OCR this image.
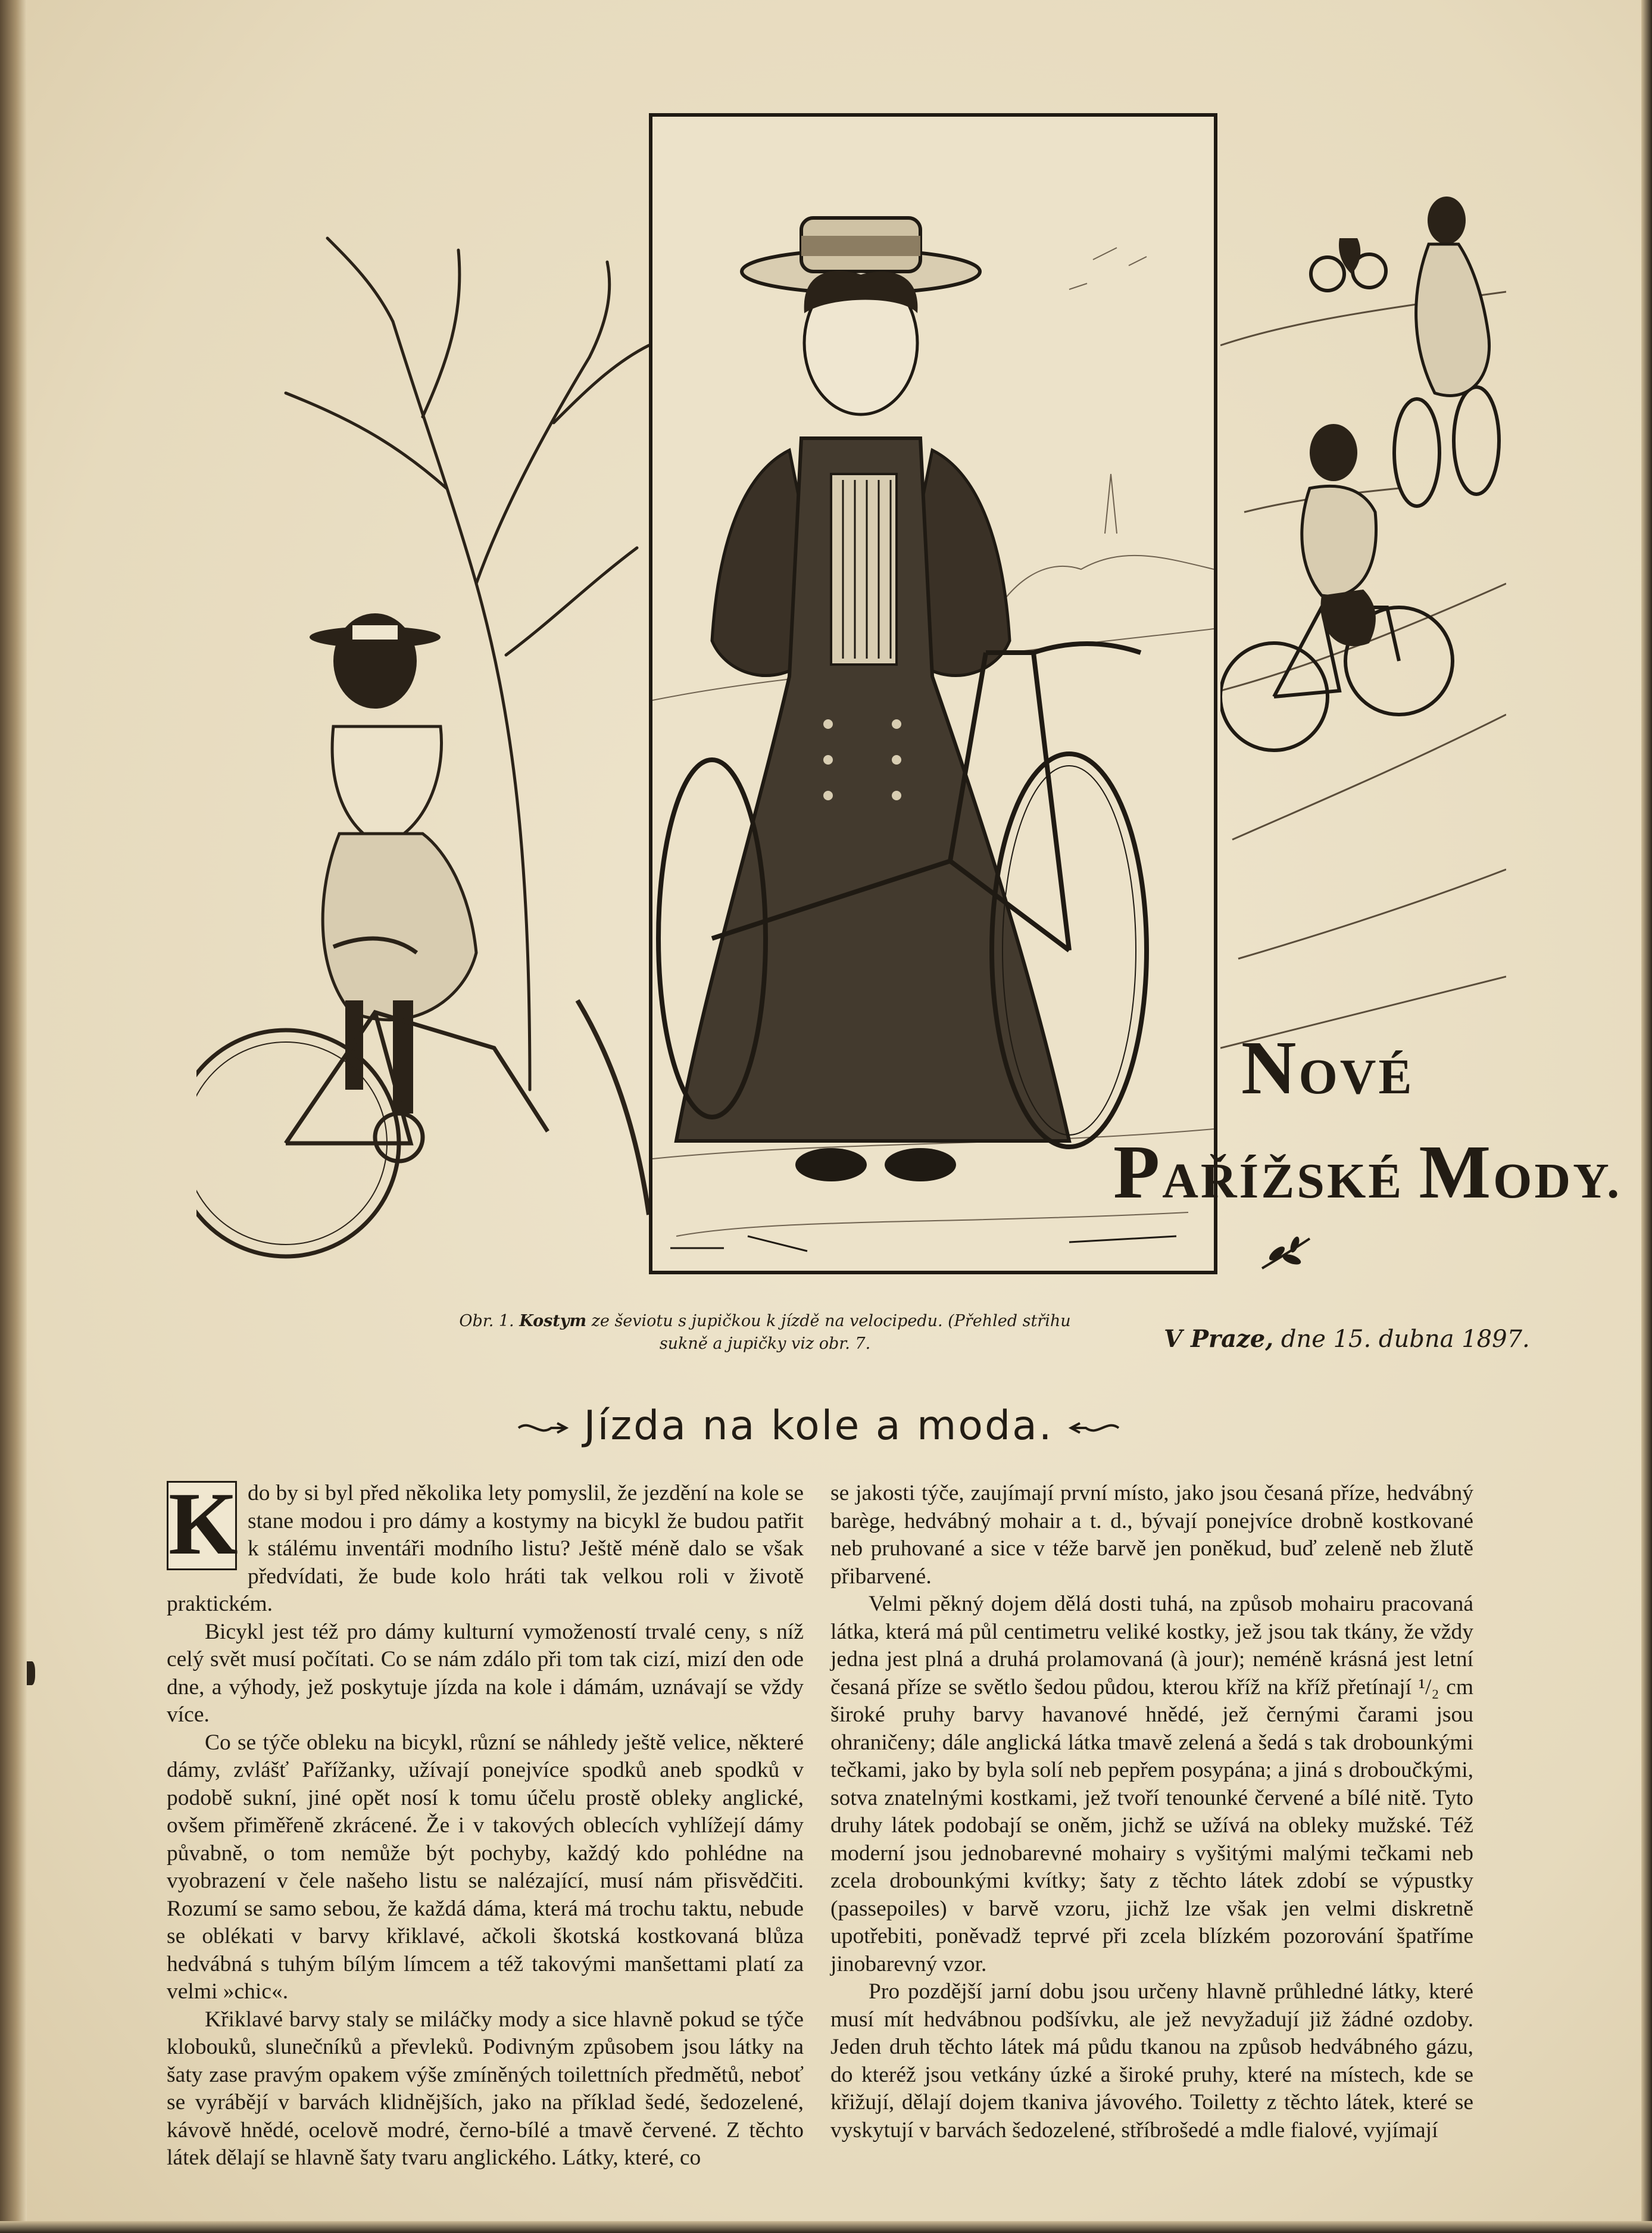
Obr. 1. Kostym ze ševiotu s jupičkou k jízdě na velocipedu. (Přehled střihu sukně a jupičky viz obr. 7.
NOVÉ
PAŘÍŽSKÉ MODY.
V Praze, dne 15. dubna 1897.
Jízda na kole a moda.
K do by si byl před několika lety pomyslil, že jezdění na kole se stane modou i pro dámy a kostymy na bicykl že budou patřit k stálému inventáři modního listu? Ještě méně dalo se však předvídati, že bude kolo hráti tak velkou roli v životě praktickém.

Bicykl jest též pro dámy kulturní vymožeností trvalé ceny, s níž celý svět musí počítati. Co se nám zdálo při tom tak cizí, mizí den ode dne, a výhody, jež poskytuje jízda na kole i dámám, uznávají se vždy více.

Co se týče obleku na bicykl, různí se náhledy ještě velice, některé dámy, zvlášť Pařížanky, užívají ponejvíce spodků aneb spodků v podobě sukní, jiné opět nosí k tomu účelu prostě obleky anglické, ovšem přiměřeně zkrácené. Že i v takových oblecích vyhlížejí dámy půvabně, o tom nemůže být pochyby, každý kdo pohlédne na vyobrazení v čele našeho listu se nalézající, musí nám přisvědčiti. Rozumí se samo sebou, že každá dáma, která má trochu taktu, nebude se oblékati v barvy křiklavé, ačkoli škotská kostkovaná blůza hedvábná s tuhým bílým límcem a též takovými manšettami platí za velmi »chic«.

Křiklavé barvy staly se miláčky mody a sice hlavně pokud se týče klobouků, slunečníků a převleků. Podivným způsobem jsou látky na šaty zase pravým opakem výše zmíněných toilettních předmětů, neboť se vyrábějí v barvách klidnějších, jako na příklad šedé, šedozelené, kávově hnědé, ocelově modré, černo-bílé a tmavě červené. Z těchto látek dělají se hlavně šaty tvaru anglického. Látky, které, co

se jakosti týče, zaujímají první místo, jako jsou česaná příze, hedvábný barège, hedvábný mohair a t. d., bývají ponejvíce drobně kostkované neb pruhované a sice v téže barvě jen poněkud, buď zeleně neb žlutě přibarvené.

Velmi pěkný dojem dělá dosti tuhá, na způsob mohairu pracovaná látka, která má půl centimetru veliké kostky, jež jsou tak tkány, že vždy jedna jest plná a druhá prolamovaná (à jour); neméně krásná jest letní česaná příze se světlo šedou půdou, kterou kříž na kříž přetínají ¹/₂ cm široké pruhy barvy havanové hnědé, jež černými čarami jsou ohraničeny; dále anglická látka tmavě zelená a šedá s tak drobounkými tečkami, jako by byla solí neb pepřem posypána; a jiná s droboučkými, sotva znatelnými kostkami, jež tvoří tenounké červené a bílé nitě. Tyto druhy látek podobají se oněm, jichž se užívá na obleky mužské. Též moderní jsou jednobarevné mohairy s vyšitými malými tečkami neb zcela drobounkými kvítky; šaty z těchto látek zdobí se výpustky (passepoiles) v barvě vzoru, jichž lze však jen velmi diskretně upotřebiti, poněvadž teprvé při zcela blízkém pozorování špatříme jinobarevný vzor.

Pro pozdější jarní dobu jsou určeny hlavně průhledné látky, které musí mít hedvábnou podšívku, ale jež nevyžadují již žádné ozdoby. Jeden druh těchto látek má půdu tkanou na způsob hedvábného gázu, do kteréž jsou vetkány úzké a široké pruhy, které na místech, kde se křižují, dělají dojem tkaniva jávového. Toiletty z těchto látek, které se vyskytují v barvách šedozelené, stříbrošedé a mdle fialové, vyjímají
